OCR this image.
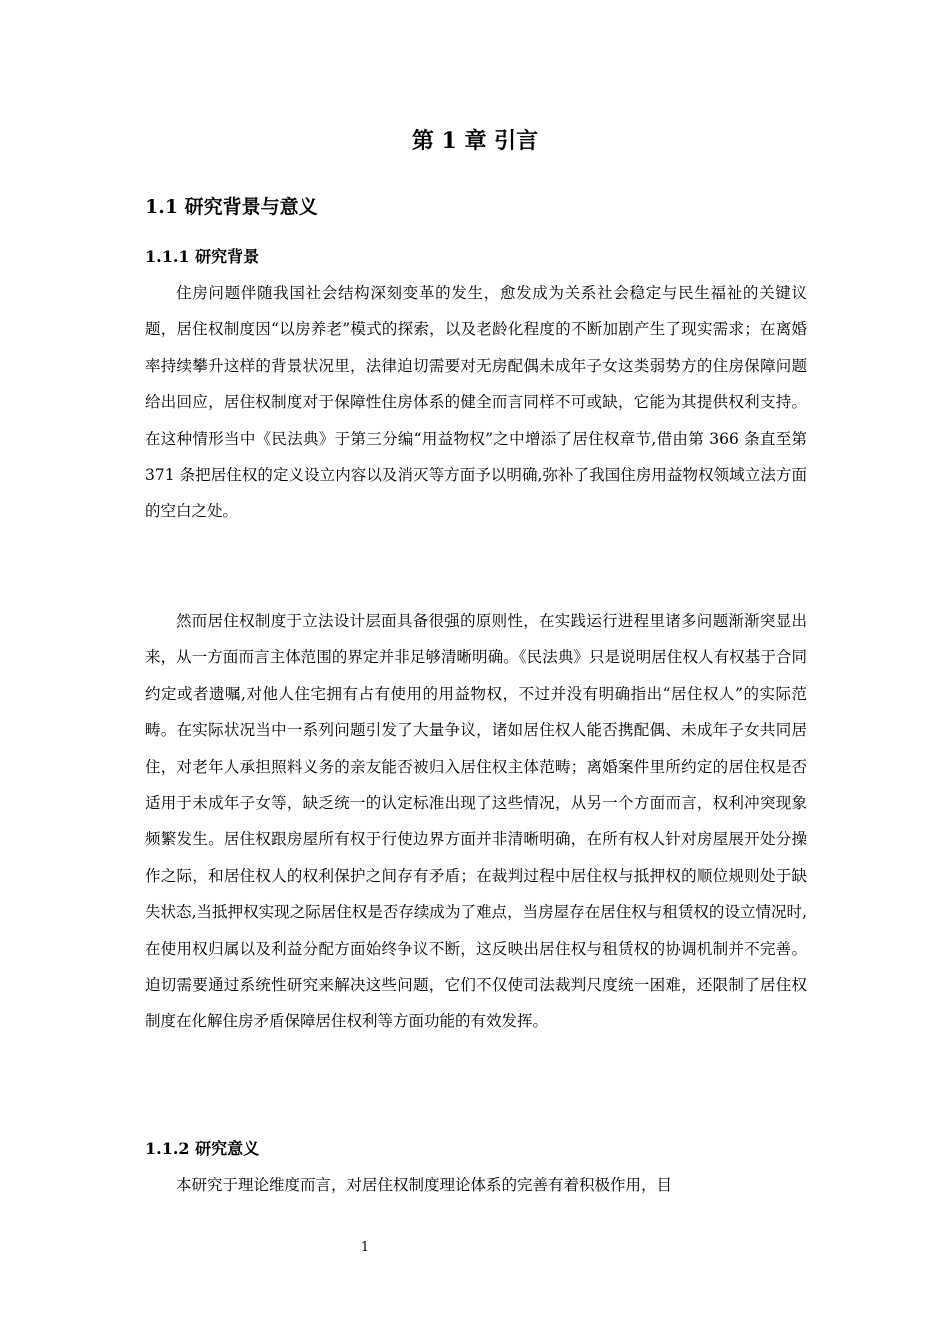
第 1 章 引言
1.1 研究背景与意义
1.1.1 研究背景

住房问题伴随我国社会结构深刻变革的发生，愈发成为关系社会稳定与民生福祉的关键议题，居住权制度因“以房养老”模式的探索，以及老龄化程度的不断加剧产生了现实需求；在离婚率持续攀升这样的背景状况里，法律迫切需要对无房配偶未成年子女这类弱势方的住房保障问题给出回应，居住权制度对于保障性住房体系的健全而言同样不可或缺，它能为其提供权利支持。在这种情形当中《民法典》于第三分编“用益物权”之中增添了居住权章节,借由第 366 条直至第 371 条把居住权的定义设立内容以及消灭等方面予以明确,弥补了我国住房用益物权领域立法方面的空白之处。

然而居住权制度于立法设计层面具备很强的原则性，在实践运行进程里诸多问题渐渐突显出来，从一方面而言主体范围的界定并非足够清晰明确。《民法典》只是说明居住权人有权基于合同约定或者遗嘱,对他人住宅拥有占有使用的用益物权，不过并没有明确指出“居住权人”的实际范畴。在实际状况当中一系列问题引发了大量争议，诸如居住权人能否携配偶、未成年子女共同居住，对老年人承担照料义务的亲友能否被归入居住权主体范畴；离婚案件里所约定的居住权是否适用于未成年子女等，缺乏统一的认定标准出现了这些情况，从另一个方面而言，权利冲突现象频繁发生。居住权跟房屋所有权于行使边界方面并非清晰明确，在所有权人针对房屋展开处分操作之际，和居住权人的权利保护之间存有矛盾；在裁判过程中居住权与抵押权的顺位规则处于缺失状态,当抵押权实现之际居住权是否存续成为了难点，当房屋存在居住权与租赁权的设立情况时,在使用权归属以及利益分配方面始终争议不断，这反映出居住权与租赁权的协调机制并不完善。迫切需要通过系统性研究来解决这些问题，它们不仅使司法裁判尺度统一困难，还限制了居住权制度在化解住房矛盾保障居住权利等方面功能的有效发挥。

1.1.2 研究意义

本研究于理论维度而言，对居住权制度理论体系的完善有着积极作用，目

1
